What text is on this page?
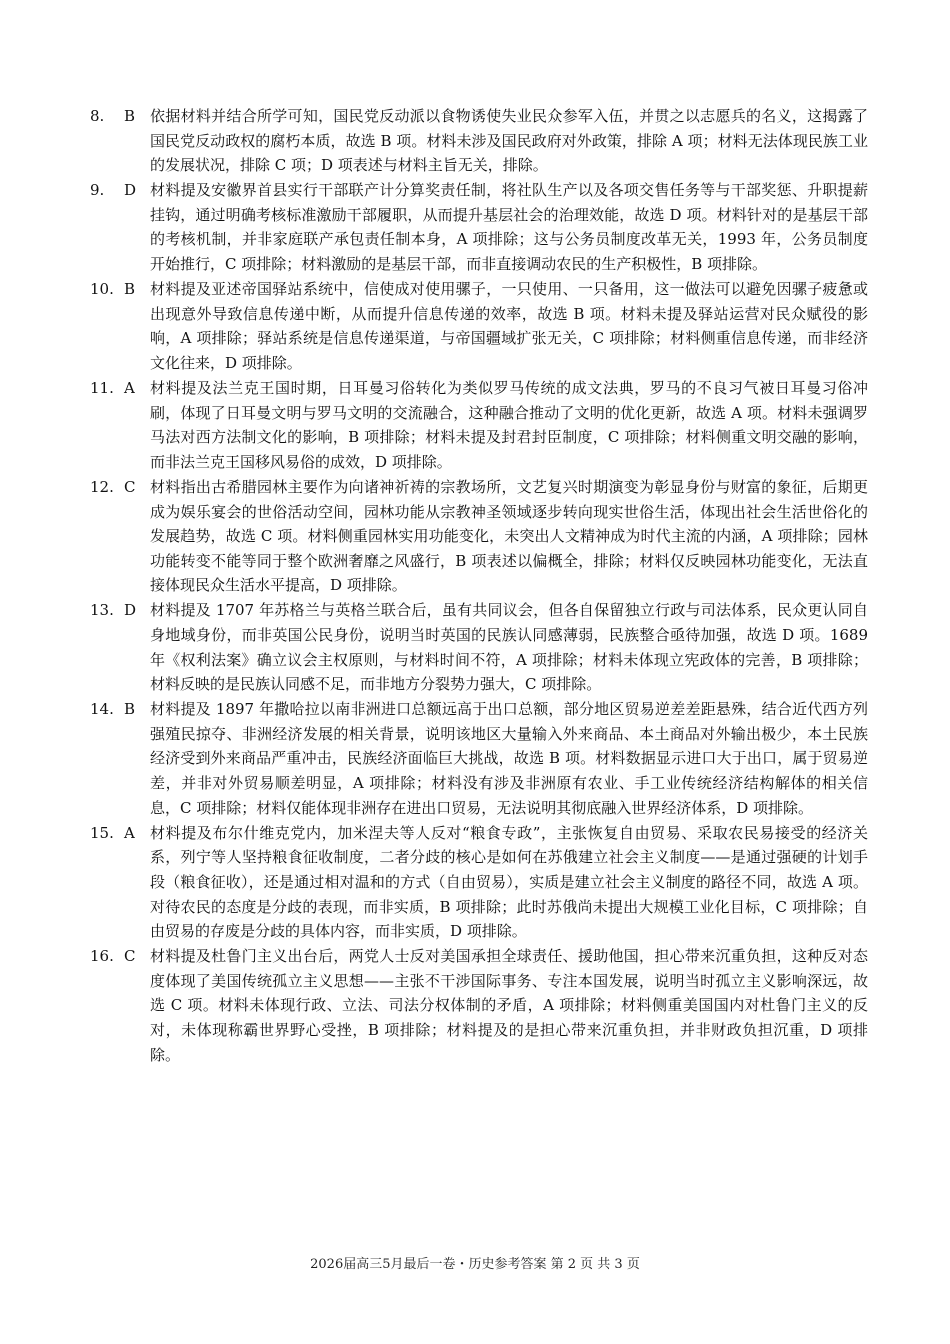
8.	B 依据材料并结合所学可知，国民党反动派以食物诱使失业民众参军入伍，并贯之以志愿兵的名义，这揭露了国民党反动政权的腐朽本质，故选 B 项。材料未涉及国民政府对外政策，排除 A 项；材料无法体现民族工业的发展状况，排除 C 项；D 项表述与材料主旨无关，排除。
9.	D 材料提及安徽界首县实行干部联产计分算奖责任制，将社队生产以及各项交售任务等与干部奖惩、升职提薪挂钩，通过明确考核标准激励干部履职，从而提升基层社会的治理效能，故选 D 项。材料针对的是基层干部的考核机制，并非家庭联产承包责任制本身，A 项排除；这与公务员制度改革无关，1993 年，公务员制度开始推行，C 项排除；材料激励的是基层干部，而非直接调动农民的生产积极性，B 项排除。
10. B 材料提及亚述帝国驿站系统中，信使成对使用骡子，一只使用、一只备用，这一做法可以避免因骡子疲惫或出现意外导致信息传递中断，从而提升信息传递的效率，故选 B 项。材料未提及驿站运营对民众赋役的影响，A 项排除；驿站系统是信息传递渠道，与帝国疆域扩张无关，C 项排除；材料侧重信息传递，而非经济文化往来，D 项排除。
11. A	材料提及法兰克王国时期，日耳曼习俗转化为类似罗马传统的成文法典，罗马的不良习气被日耳曼习俗冲刷，体现了日耳曼文明与罗马文明的交流融合，这种融合推动了文明的优化更新，故选 A 项。材料未强调罗马法对西方法制文化的影响，B 项排除；材料未提及封君封臣制度，C 项排除；材料侧重文明交融的影响，而非法兰克王国移风易俗的成效，D 项排除。
12. C 材料指出古希腊园林主要作为向诸神祈祷的宗教场所，文艺复兴时期演变为彰显身份与财富的象征，后期更成为娱乐宴会的世俗活动空间，园林功能从宗教神圣领域逐步转向现实世俗生活，体现出社会生活世俗化的发展趋势，故选 C 项。材料侧重园林实用功能变化，未突出人文精神成为时代主流的内涵，A 项排除；园林功能转变不能等同于整个欧洲奢靡之风盛行，B 项表述以偏概全，排除；材料仅反映园林功能变化，无法直接体现民众生活水平提高，D 项排除。
13. D 材料提及 1707 年苏格兰与英格兰联合后，虽有共同议会，但各自保留独立行政与司法体系，民众更认同自身地域身份，而非英国公民身份，说明当时英国的民族认同感薄弱，民族整合亟待加强，故选 D 项。1689 年《权利法案》确立议会主权原则，与材料时间不符，A 项排除；材料未体现立宪政体的完善，B 项排除；材料反映的是民族认同感不足，而非地方分裂势力强大，C 项排除。
14. B 材料提及 1897 年撒哈拉以南非洲进口总额远高于出口总额，部分地区贸易逆差差距悬殊，结合近代西方列强殖民掠夺、非洲经济发展的相关背景，说明该地区大量输入外来商品、本土商品对外输出极少，本土民族经济受到外来商品严重冲击，民族经济面临巨大挑战，故选 B 项。材料数据显示进口大于出口，属于贸易逆差，并非对外贸易顺差明显，A 项排除；材料没有涉及非洲原有农业、手工业传统经济结构解体的相关信息，C 项排除；材料仅能体现非洲存在进出口贸易，无法说明其彻底融入世界经济体系，D 项排除。
15. A	材料提及布尔什维克党内，加米涅夫等人反对“粮食专政”，主张恢复自由贸易、采取农民易接受的经济关系，列宁等人坚持粮食征收制度，二者分歧的核心是如何在苏俄建立社会主义制度——是通过强硬的计划手段（粮食征收），还是通过相对温和的方式（自由贸易），实质是建立社会主义制度的路径不同，故选 A 项。对待农民的态度是分歧的表现，而非实质，B 项排除；此时苏俄尚未提出大规模工业化目标，C 项排除；自由贸易的存废是分歧的具体内容，而非实质，D 项排除。
16. C 材料提及杜鲁门主义出台后，两党人士反对美国承担全球责任、援助他国，担心带来沉重负担，这种反对态度体现了美国传统孤立主义思想——主张不干涉国际事务、专注本国发展，说明当时孤立主义影响深远，故选 C 项。材料未体现行政、立法、司法分权体制的矛盾，A 项排除；材料侧重美国国内对杜鲁门主义的反对，未体现称霸世界野心受挫，B 项排除；材料提及的是担心带来沉重负担，并非财政负担沉重，D 项排除。
2026届高三5月最后一卷・历史参考答案 第 2 页 共 3 页
